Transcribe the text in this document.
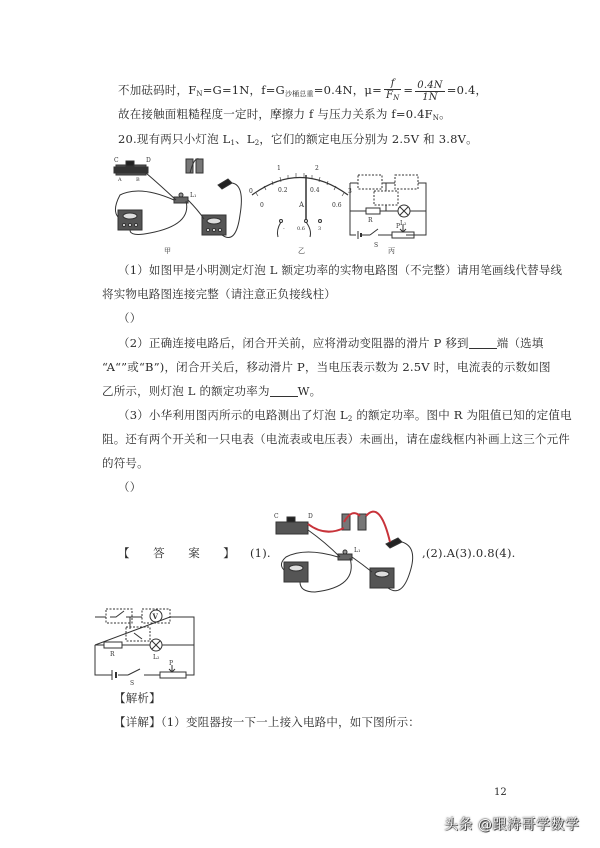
不加砝码时，$F_N=G=1N$，$f=G_{沙桶总重}=0.4N$，$\mu= \frac{f}{F_N} = \frac{0.4N}{1N} =0.4$，
故在接触面粗糙程度一定时，摩擦力 f 与压力关系为 $f=0.4F_N$。
20.现有两只小灯泡 $L_1$、$L_2$，它们的额定电压分别为 2.5V 和 3.8V。
C	D
A	B
L₁
0
1	2
3
0
0.2	0.4
0.6
A
- 0.6	3
R	L₂
S
P
甲	乙	丙
（1）如图甲是小明测定灯泡 L 额定功率的实物电路图（不完整）请用笔画线代替导线
将实物电路图连接完整（请注意正负接线柱）
（）
（2）正确连接电路后，闭合开关前，应将滑动变阻器的滑片 P 移到 端（选填
“A“”或“B”)，闭合开关后，移动滑片 P，当电压表示数为 2.5V 时，电流表的示数如图
乙所示，则灯泡 L 的额定功率为 W。
（3）小华利用图丙所示的电路测出了灯泡 $L_2$ 的额定功率。图中 R 为阻值已知的定值电
阻。还有两个开关和一只电表（电流表或电压表）未画出，请在虚线框内补画上这三个元件
的符号。
（）
【　　答　　案　　】 (1).
C	D
L₁	,(2).A(3).0.8(4).
V
R	L₂
S
P
【解析】
【详解】（1）变阻器按一下一上接入电路中，如下图所示：
12
头条 @跟涛哥学数学
